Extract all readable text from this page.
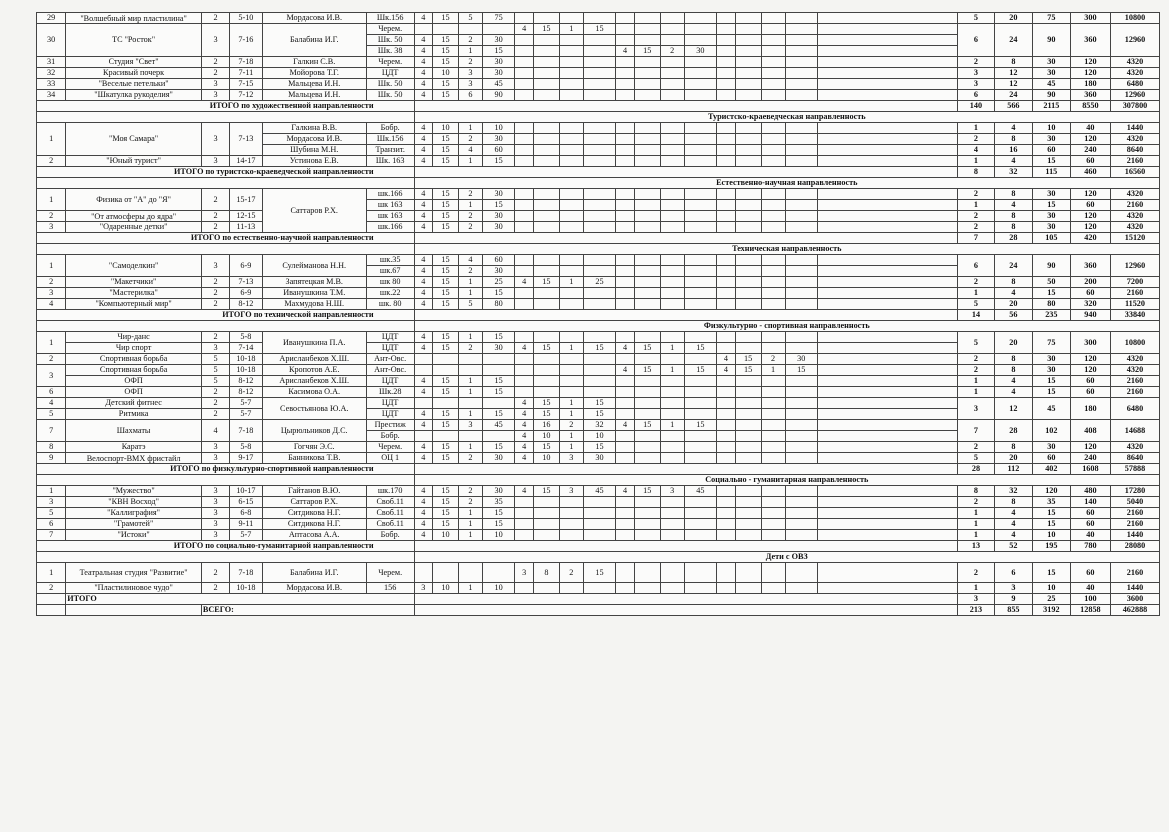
29	"Волшебный мир пластилина"	2	5-10	Мордасова И.В.	Шк.156	4	15	5	75														5	20	75	300	10800
30	ТС "Росток"	3	7-16	Балабина И.Г.	Черем.					4	15	1	15										6	24	90	360	12960
					Шк. 50	4	15	2	30																		
					Шк. 38	4	15	1	15					4	15	2	30										
31	Студия "Свет"	2	7-18	Галкин С.В.	Черем.	4	15	2	30														2	8	30	120	4320
32	Красивый почерк	2	7-11	Мойорова Т.Г.	ЦДТ	4	10	3	30														3	12	30	120	4320
33	"Веселые петельки"	3	7-15	Мальцева И.Н.	Шк. 50	4	15	3	45														3	12	45	180	6480
34	"Шкатулка рукоделия"	3	7-12	Мальцева И.Н.	Шк. 50	4	15	6	90														6	24	90	360	12960
ИТОГО по художественной направленности																							140	566	2115	8550	307800
						Туристско-краеведческая направленность																					
1	"Моя Самара"	3	7-13	Галкина В.В.	Бобр.	4	10	1	10														1	4	10	40	1440
				Мордасова И.В.	Шк.156	4	15	2	30														2	8	30	120	4320
				Шубина М.Н.	Транзит.	4	15	4	60														4	16	60	240	8640
2	"Юный турист"	3	14-17	Устинова Е.В.	Шк. 163	4	15	1	15														1	4	15	60	2160
ИТОГО по туристско-краеведческой направленности																							8	32	115	460	16560
						Естественно-научная направленность																					
1	Физика от "А" до "Я"	2	15-17	Саттаров Р.Х.	шк.166	4	15	2	30														2	8	30	120	4320
					шк 163	4	15	1	15														1	4	15	60	2160
2	"От атмосферы до ядра"	2	12-15		шк 163	4	15	2	30														2	8	30	120	4320
3	"Одаренные детки"	2	11-13		шк.166	4	15	2	30														2	8	30	120	4320
ИТОГО по естественно-научной направленности																							7	28	105	420	15120
						Техническая направленность																					
1	"Самоделкин"	3	6-9	Сулейманова Н.Н.	шк.35	4	15	4	60														6	24	90	360	12960
					шк.67	4	15	2	30																		
2	"Макетчики"	2	7-13	Запятецкая М.В.	шк 80	4	15	1	25	4	15	1	25										2	8	50	200	7200
3	"Мастерилка"	2	6-9	Иванушкина Т.М.	шк.22	4	15	1	15														1	4	15	60	2160
4	"Компьютерный мир"	2	8-12	Махмудова Н.Ш.	шк. 80	4	15	5	80														5	20	80	320	11520
ИТОГО по технической направленности																							14	56	235	940	33840
						Физкультурно - спортивная направленность																					
1	Чир-данс	2	5-8	Иванушкина П.А.	ЦДТ	4	15	1	15														5	20	75	300	10800
	Чир спорт	3	7-14		ЦДТ	4	15	2	30	4	15	1	15	4	15	1	15										
2	Спортивная борьба	5	10-18	Арисланбеков Х.Ш.	Ант-Овс.													4	15	2	30		2	8	30	120	4320
3	Спортивная борьба	5	10-18	Кропотов А.Е.	Ант-Овс.									4	15	1	15	4	15	1	15		2	8	30	120	4320
	ОФП	5	8-12	Арисланбеков Х.Ш.	ЦДТ	4	15	1	15														1	4	15	60	2160
6	ОФП	2	8-12	Касимова О.А.	Шк.28	4	15	1	15														1	4	15	60	2160
4	Детский фитнес	2	5-7	Севостьянова Ю.А.	ЦДТ					4	15	1	15										3	12	45	180	6480
5	Ритмика	2	5-7		ЦДТ	4	15	1	15	4	15	1	15														
7	Шахматы	4	7-18	Цырюльников Д.С.	Престиж	4	15	3	45	4	16	2	32	4	15	1	15						7	28	102	408	14688
					Бобр.					4	10	1	10														
8	Каратэ	3	5-8	Гогчян Э.С.	Черем.	4	15	1	15	4	15	1	15										2	8	30	120	4320
9	Велоспорт-ВМХ фристайл	3	9-17	Банникова Т.В.	ОЦ 1	4	15	2	30	4	10	3	30										5	20	60	240	8640
ИТОГО по физкультурно-спортивной направленности																							28	112	402	1608	57888
						Социально - гуманитарная направленность																					
1	"Мужество"	3	10-17	Гайтанов В.Ю.	шк.170	4	15	2	30	4	15	3	45	4	15	3	45						8	32	120	480	17280
3	"КВН Восход"	3	6-15	Саттаров Р.Х.	Своб.11	4	15	2	35														2	8	35	140	5040
5	"Каллиграфия"	3	6-8	Ситдикова Н.Г.	Своб.11	4	15	1	15														1	4	15	60	2160
6	"Грамотей"	3	9-11	Ситдикова Н.Г.	Своб.11	4	15	1	15														1	4	15	60	2160
7	"Истоки"	3	5-7	Аптасова А.А.	Бобр.	4	10	1	10														1	4	10	40	1440
ИТОГО по социально-гуманитарной направленности																							13	52	195	780	28080
						Дети с ОВЗ																					
1	Театральная студия "Развитие"	2	7-18	Балабина И.Г.	Черем.					3	8	2	15										2	6	15	60	2160
2	"Пластилиновое чудо"	2	10-18	Мордасова И.В.	156	3	10	1	10														1	3	10	40	1440
	ИТОГО																						3	9	25	100	3600
		ВСЕГО:																					213	855	3192	12858	462888
